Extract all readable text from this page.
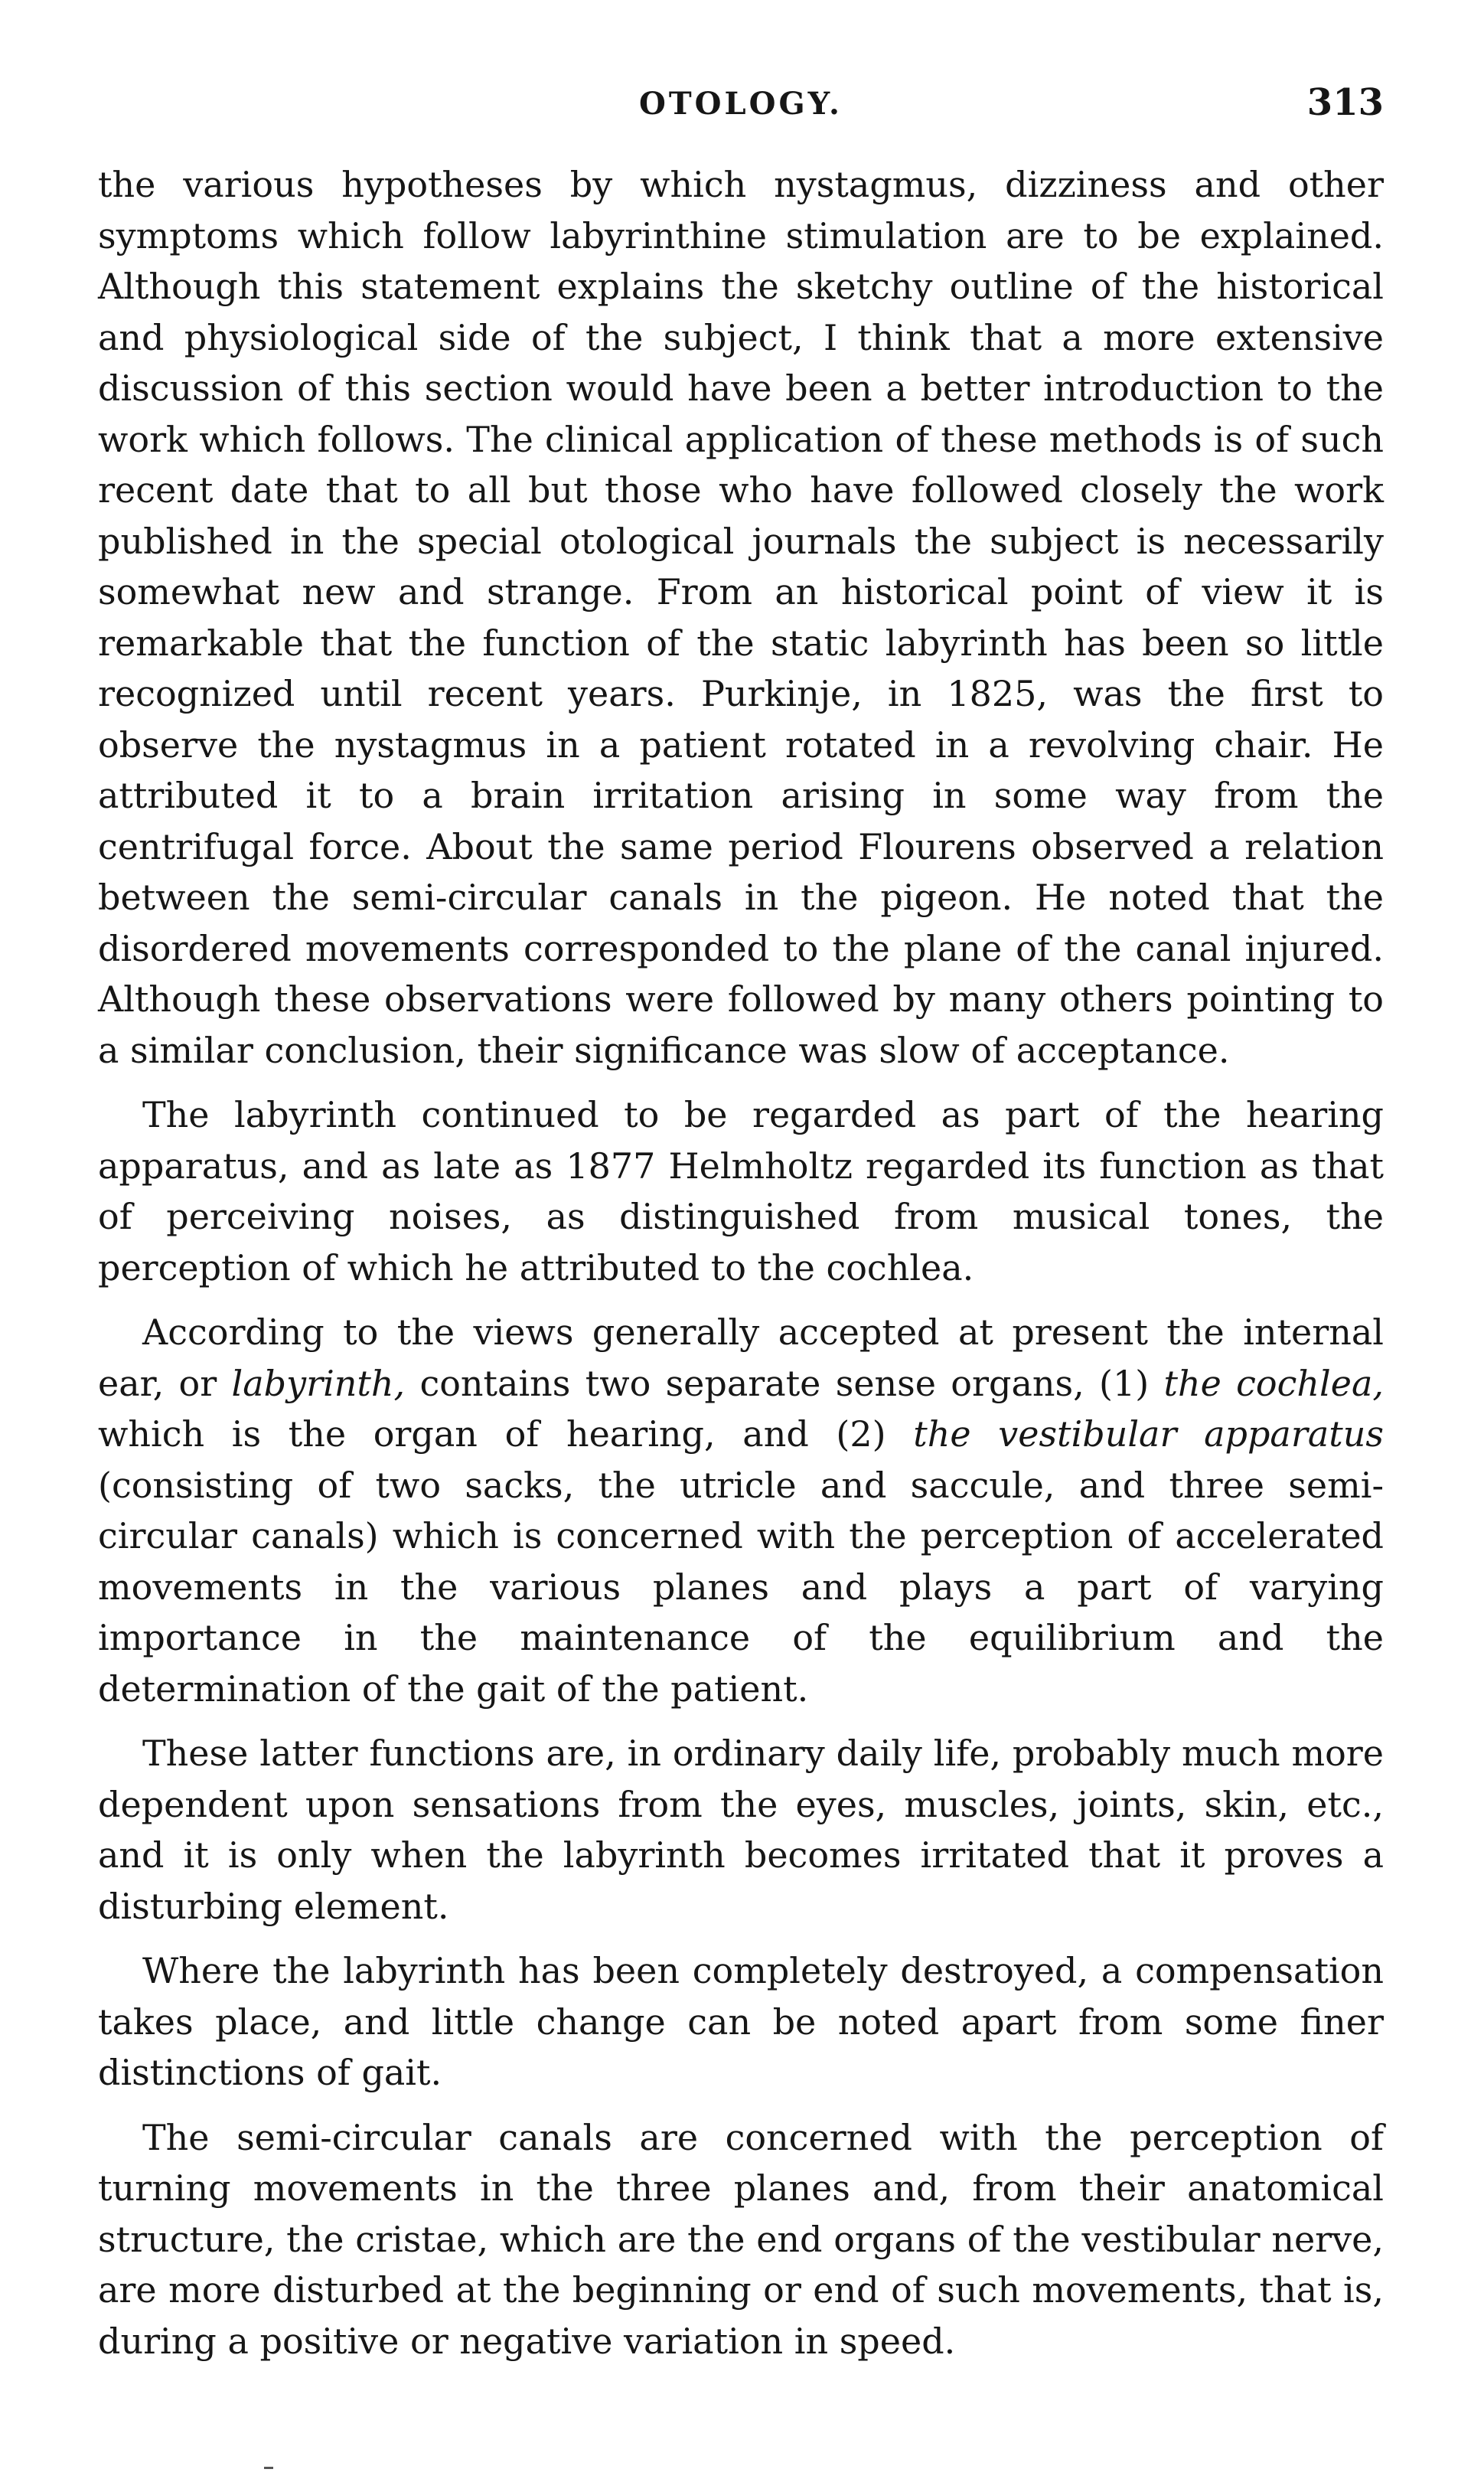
OTOLOGY.	313

the various hypotheses by which nystagmus, dizziness and other symptoms which follow labyrinthine stimulation are to be explained. Although this statement explains the sketchy outline of the historical and physiological side of the subject, I think that a more extensive discussion of this section would have been a better introduction to the work which follows. The clinical application of these methods is of such recent date that to all but those who have followed closely the work published in the special otological journals the subject is necessarily somewhat new and strange. From an historical point of view it is remarkable that the function of the static labyrinth has been so little recognized until recent years. Purkinje, in 1825, was the first to observe the nystagmus in a patient rotated in a revolving chair. He attributed it to a brain irritation arising in some way from the centrifugal force. About the same period Flourens observed a relation between the semi-circular canals in the pigeon. He noted that the disordered movements corresponded to the plane of the canal injured. Although these observations were followed by many others pointing to a similar conclusion, their significance was slow of acceptance.

The labyrinth continued to be regarded as part of the hearing apparatus, and as late as 1877 Helmholtz regarded its function as that of perceiving noises, as distinguished from musical tones, the perception of which he attributed to the cochlea.

According to the views generally accepted at present the internal ear, or labyrinth, contains two separate sense organs, (1) the cochlea, which is the organ of hearing, and (2) the vestibular apparatus (consisting of two sacks, the utricle and saccule, and three semi-circular canals) which is concerned with the perception of accelerated movements in the various planes and plays a part of varying importance in the maintenance of the equilibrium and the determination of the gait of the patient.

These latter functions are, in ordinary daily life, probably much more dependent upon sensations from the eyes, muscles, joints, skin, etc., and it is only when the labyrinth becomes irritated that it proves a disturbing element.

Where the labyrinth has been completely destroyed, a compensation takes place, and little change can be noted apart from some finer distinctions of gait.

The semi-circular canals are concerned with the perception of turning movements in the three planes and, from their anatomical structure, the cristae, which are the end organs of the vestibular nerve, are more disturbed at the beginning or end of such movements, that is, during a positive or negative variation in speed.
